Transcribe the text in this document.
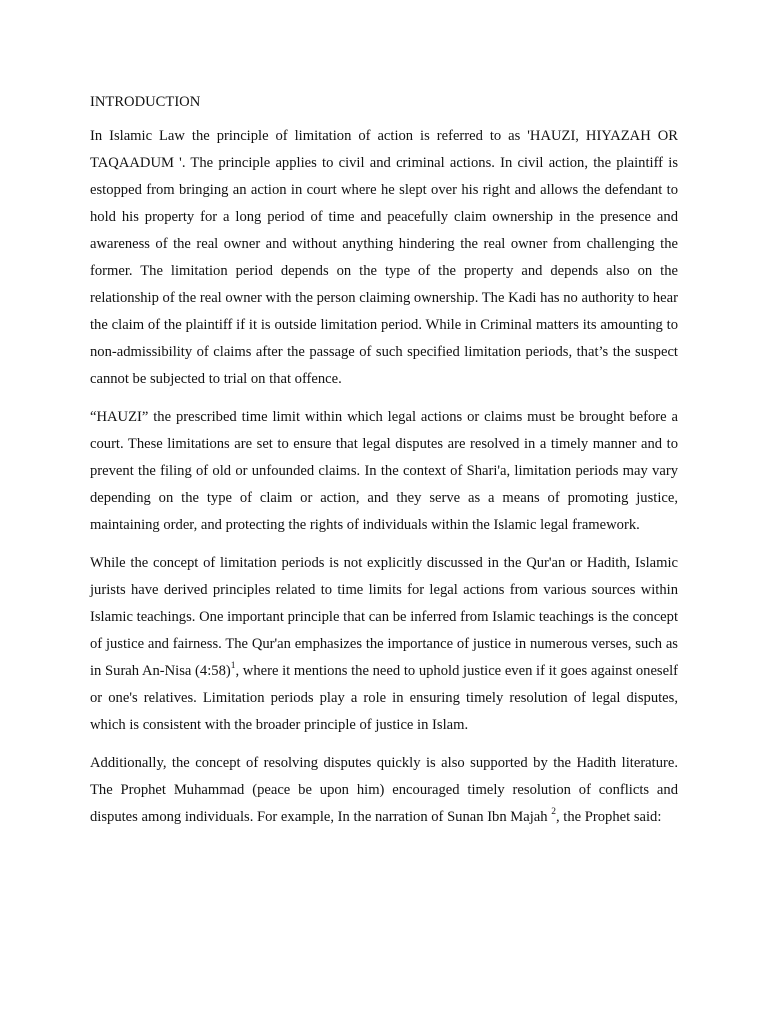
INTRODUCTION

In Islamic Law the principle of limitation of action is referred to as 'HAUZI, HIYAZAH OR TAQAADUM '. The principle applies to civil and criminal actions. In civil action, the plaintiff is estopped from bringing an action in court where he slept over his right and allows the defendant to hold his property for a long period of time and peacefully claim ownership in the presence and awareness of the real owner and without anything hindering the real owner from challenging the former. The limitation period depends on the type of the property and depends also on the relationship of the real owner with the person claiming ownership. The Kadi has no authority to hear the claim of the plaintiff if it is outside limitation period. While in Criminal matters its amounting to non-admissibility of claims after the passage of such specified limitation periods, that’s the suspect cannot be subjected to trial on that offence.

“HAUZI” the prescribed time limit within which legal actions or claims must be brought before a court. These limitations are set to ensure that legal disputes are resolved in a timely manner and to prevent the filing of old or unfounded claims. In the context of Shari'a, limitation periods may vary depending on the type of claim or action, and they serve as a means of promoting justice, maintaining order, and protecting the rights of individuals within the Islamic legal framework.

While the concept of limitation periods is not explicitly discussed in the Qur'an or Hadith, Islamic jurists have derived principles related to time limits for legal actions from various sources within Islamic teachings. One important principle that can be inferred from Islamic teachings is the concept of justice and fairness. The Qur'an emphasizes the importance of justice in numerous verses, such as in Surah An-Nisa (4:58)$^1$, where it mentions the need to uphold justice even if it goes against oneself or one's relatives. Limitation periods play a role in ensuring timely resolution of legal disputes, which is consistent with the broader principle of justice in Islam.

Additionally, the concept of resolving disputes quickly is also supported by the Hadith literature. The Prophet Muhammad (peace be upon him) encouraged timely resolution of conflicts and disputes among individuals. For example, In the narration of Sunan Ibn Majah $^2$, the Prophet said:
